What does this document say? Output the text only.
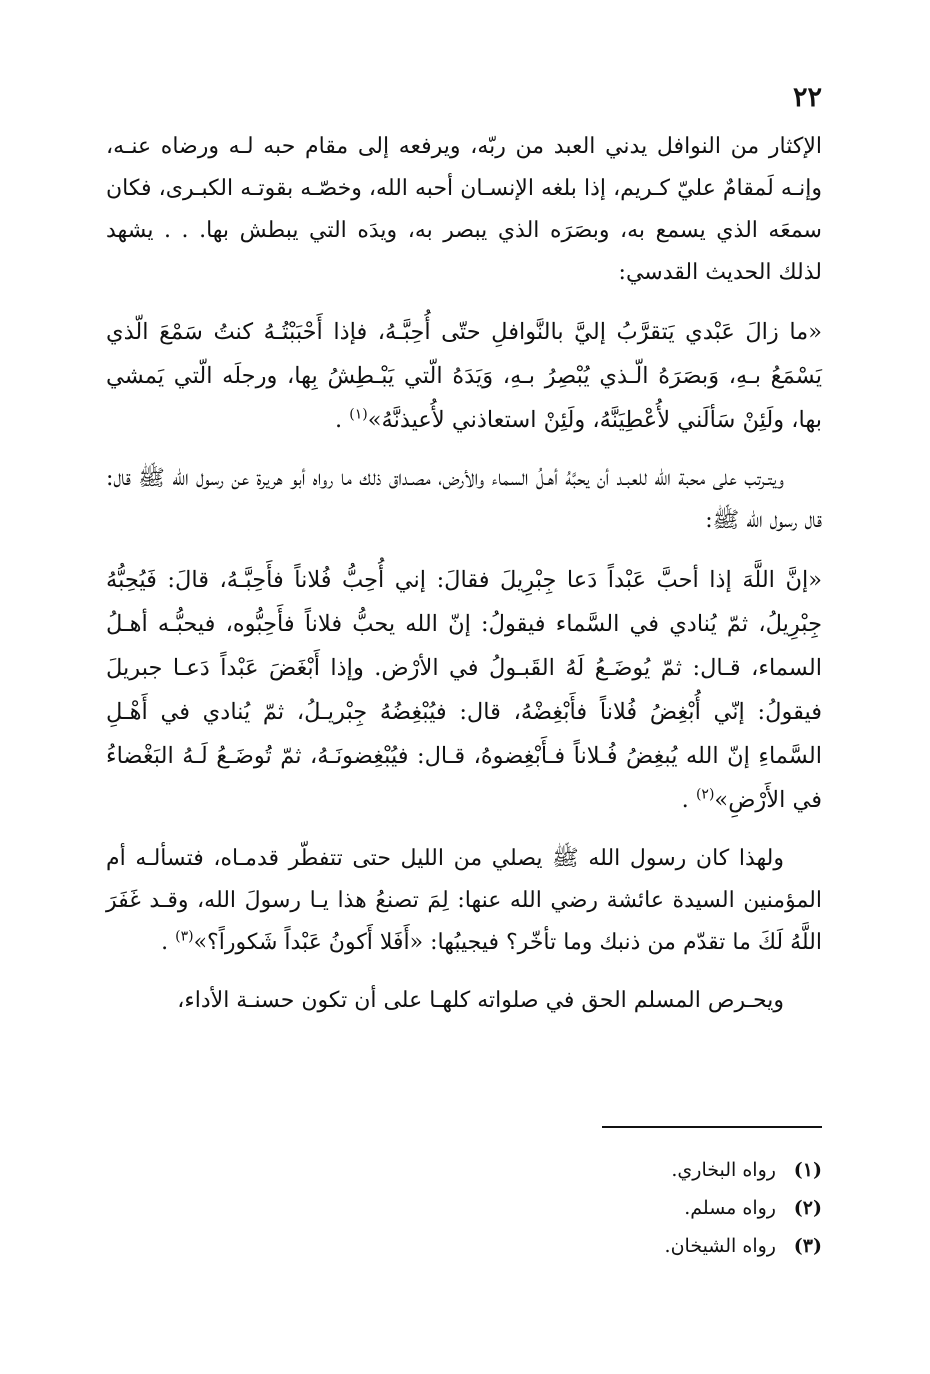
٢٢

الإكثار من النوافل يدني العبد من ربّه، ويرفعه إلى مقام حبه لـه ورضاه عنـه، وإنـه لَمقامٌ عليّ كـريم، إذا بلغه الإنسـان أحبه الله، وخصّـه بقوتـه الكبـرى، فكان سمعَه الذي يسمع به، وبصَرَه الذي يبصر به، ويدَه التي يبطش بها. . . يشهد لذلك الحديث القدسي:

«ما زالَ عَبْدي يَتقرَّبُ إليَّ بالنَّوافلِ حتّى أُحِبَّـهُ، فإذا أَحْبَبْتُـهُ كنتُ سَمْعَ الّذي يَسْمَعُ بـهِ، وَبصَرَهُ الّـذي يُبْصِرُ بـهِ، وَيَدَهُ الّتي يَبْـطِشُ بِها، ورجلَه الّتي يَمشي بها، ولَئِنْ سَألَني لأُعْطِيَنَّهُ، ولَئِنْ استعاذني لأُعيذنَّهُ»$^{(١)}$ .

ويتـرتب على محبة الله للعبـد أن يحبَّهُ أهـلُ السماء والأرض، مصـداق ذلك ما رواه أبو هريرة عن رسول الله ﷺ قال: قال رسول الله ﷺ:

«إنَّ اللَّهَ إذا أحبَّ عَبْداً دَعا جِبْرِيلَ فقالَ: إني أُحِبُّ فُلاناً فأَحِبَّـهُ، قالَ: فَيُحِبُّهُ جِبْرِيلُ، ثمّ يُنادي في السَّماء فيقولُ: إنّ الله يحبُّ فلاناً فأَحِبُّوه، فيحبُّـه أهـلُ السماء، قـال: ثمّ يُوضَـعُ لَهُ القَبـولُ في الأرْض. وإذا أَبْغَضَ عَبْداً دَعـا جبريلَ فيقولُ: إنّي أُبْغِضُ فُلاناً فأَبْغِضْهُ، قال: فيُبْغِضُهُ جِبْريـلُ، ثمّ يُنادي في أَهْـلِ السَّماءِ إنّ الله يُبغِضُ فُـلاناً فـأَبْغِضوهُ، قـال: فيُبْغِضونَـهُ، ثمّ تُوضَـعُ لَـهُ البَغْضاءُ في الأَرْضِ»$^{(٢)}$ .

ولهذا كان رسول الله ﷺ يصلي من الليل حتى تتفطّر قدمـاه، فتسألـه أم المؤمنين السيدة عائشة رضي الله عنها: لِمَ تصنعُ هذا يـا رسولَ الله، وقـد غَفَرَ اللَّهُ لَكَ ما تقدّم من ذنبك وما تأخّر؟ فيجيبُها: «أَفَلا أَكونُ عَبْداً شَكوراً؟»$^{(٣)}$ .

ويحـرص المسلم الحق في صلواته كلهـا على أن تكون حسنـة الأداء،

(١) رواه البخاري.
(٢) رواه مسلم.
(٣) رواه الشيخان.
